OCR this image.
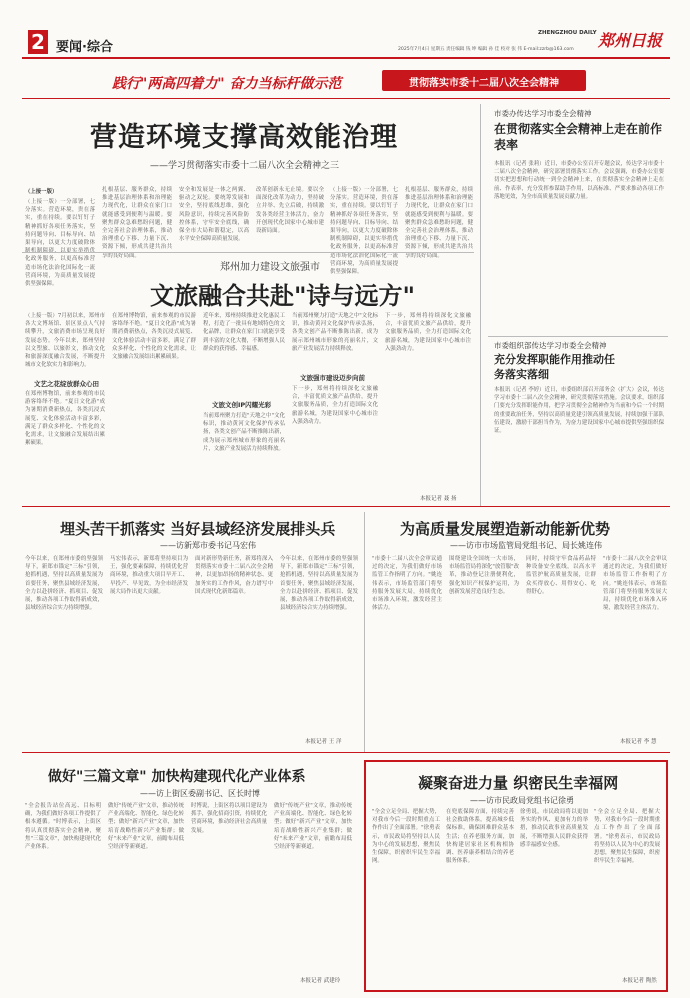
2 要闻·综合
ZHENGZHOU DAILY 郑州日报
2025年7月4日 星期五 责任编辑 钱 坤 编辑 孙 佳 校对 张 伟 E-mail:zzrb@163.com
践行"两高四着力" 奋力当标杆做示范	贯彻落实市委十二届八次全会精神
营造环境支撑高效能治理
——学习贯彻落实市委十二届八次全会精神之三
（上接一版）
（上接一版）一分部署，七分落实。营造环境，贵在落实，重在持续。要以钉钉子精神抓好各项任务落实，坚持问题导向、目标导向、结果导向，以更大力度破除体 化政务服务，以更高标准营造市场化法治化国际化一流营商环境，为高质量发展提供坚强保障。
扎根基层、服务群众，持续推进基层治理体系和治理能力现代化，让群众在家门口就能感受到便利与温暖。要聚焦群众急难愁盼问题，健全完善社会治理体系，推动治理重心下移、力量下沉、资源下倾，形成共建共治共享的良好局面。
安全和发展是一体之两翼、驱动之双轮。要统筹发展和安全，坚持底线思维，强化风险意识，持续完善风险防控体系，守牢安全底线，确保全市大局和谐稳定，以高水平安全保障高质量发展。
改革创新永无止境。要以全面深化改革为动力，坚持破立并举、先立后破，持续激发各类经营主体活力，奋力开创现代化国家中心城市建设新局面。
（上接一版）一分部署，七分落实。营造环境，贵在落实，重在持续。要以钉钉子精神抓好各项任务落实，坚持问题导向、目标导向、结果导向，以更大力度破除体制机制障碍，以更实举措优化政务服务，以更高标准营造市场化法治化国际化一流营商环境，为高质量发展提供坚强保障。
扎根基层、服务群众，持续推进基层治理体系和治理能力现代化，让群众在家门口就能感受到便利与温暖。要聚焦群众急难愁盼问题，健全完善社会治理体系，推动治理重心下移、力量下沉、资源下倾，形成共建共治共享的良好局面。
郑州加力建设文旅强市
文旅融合共赴"诗与远方"
（上接一版）7月初以来，郑州市各大文博场馆、景区景点人气持续攀升，文旅消费市场呈现良好发展态势。今年以来，郑州坚持以文塑旅、以旅彰文，推动文化和旅游深度融合发展，不断提升城市文化软实力和影响力。
文艺之花绽放群众心田
在郑州博物馆，前来参观的市民游客络绎不绝。"夏日文化游"成为暑期消费新热点，各类沉浸式展览、文化体验活动丰富多彩，满足了群众多样化、个性化的文化需求，让文旅融合发展结出累累硕果。
在郑州博物馆，前来参观的市民游客络绎不绝。"夏日文化游"成为暑期消费新热点，各类沉浸式展览、文化体验活动丰富多彩，满足了群众多样化、个性化的文化需求，让文旅融合发展结出累累硕果。
近年来，郑州持续推进文化惠民工程，打造了一批具有地域特色的文化品牌，让群众在家门口就能享受到丰富的文化大餐，不断增强人民群众的获得感、幸福感。
文旅文创IP闪耀光彩
当前郑州聚力打造"天地之中"文化标识，推动黄河文化保护传承弘扬，各类文创产品不断推陈出新，成为展示郑州城市形象的亮丽名片，文旅产业发展活力持续释放。
当前郑州聚力打造"天地之中"文化标识，推动黄河文化保护传承弘扬，各类文创产品不断推陈出新，成为展示郑州城市形象的亮丽名片，文旅产业发展活力持续释放。
文旅强市建设迈步向前
下一步，郑州将持续深化文旅融合，丰富优质文旅产品供给，提升文旅服务品质，全力打造国际文化旅游名城，为建设国家中心城市注入强劲动力。
下一步，郑州将持续深化文旅融合，丰富优质文旅产品供给，提升文旅服务品质，全力打造国际文化旅游名城，为建设国家中心城市注入强劲动力。
本报记者 聂 扬
市委办传达学习市委全会精神
在贯彻落实全会精神上走在前作表率
本报讯（记者 张莉）近日，市委办公室召开专题会议，传达学习市委十二届八次全会精神，研究部署贯彻落实工作。会议强调，市委办公室要切实把思想和行动统一到全会精神上来，在贯彻落实全会精神上走在前、作表率，充分发挥参谋助手作用，以高标准、严要求推动各项工作落地见效，为全市高质量发展贡献力量。
市委组织部传达学习市委全会精神
充分发挥职能作用推动任务落实落细
本报讯（记者 李婷）近日，市委组织部召开部务会（扩大）会议，传达学习市委十二届八次全会精神，研究贯彻落实措施。会议要求，组织部门要充分发挥职能作用，把学习贯彻全会精神作为当前和今后一个时期的重要政治任务，坚持以高质量党建引领高质量发展，持续加强干部队伍建设，激励干部担当作为，为奋力建设国家中心城市提供坚强组织保证。
埋头苦干抓落实 当好县域经济发展排头兵
——访新郑市委书记马宏伟
今年以来，在郑州市委的坚强领导下，新郑市锚定"三标"引领，抢抓机遇，坚持以高质量发展为首要任务，聚焦县域经济发展，全力以赴拼经济、抓项目、促发展，推动各项工作取得新成效，县域经济综合实力持续增强。
马宏伟表示，新郑将坚持项目为王，强化要素保障，持续优化营商环境，推动重大项目早开工、早投产、早见效，为全市经济发展大局作出更大贡献。
面对新形势新任务，新郑将深入贯彻落实市委十二届八次全会精神，以更加昂扬的精神状态、更加务实的工作作风，奋力谱写中国式现代化新郑篇章。
今年以来，在郑州市委的坚强领导下，新郑市锚定"三标"引领，抢抓机遇，坚持以高质量发展为首要任务，聚焦县域经济发展，全力以赴拼经济、抓项目、促发展，推动各项工作取得新成效，县域经济综合实力持续增强。
本报记者 王 洋
为高质量发展塑造新动能新优势
——访市市场监管局党组书记、局长姚连伟
"市委十二届八次全会审议通过的决定，为我们做好市场监管工作指明了方向。"姚连伟表示，市场监管部门将坚持服务发展大局，持续优化市场准入环境，激发经营主体活力。
围绕建设全国统一大市场，市场监管局将深化"放管服"改革，推动登记注册便利化，强化知识产权保护运用，为创新发展营造良好生态。
同时，持续守牢食品药品特种设备安全底线，以高水平监管护航高质量发展，让群众买得放心、用得安心、吃得舒心。
"市委十二届八次全会审议通过的决定，为我们做好市场监管工作指明了方向。"姚连伟表示，市场监管部门将坚持服务发展大局，持续优化市场准入环境，激发经营主体活力。
本报记者 李 慧
做好"三篇文章" 加快构建现代化产业体系
——访上街区委副书记、区长时博
"全会报告站位高远、目标明确，为我们做好各项工作提供了根本遵循。"时博表示，上街区将认真贯彻落实全会精神，聚焦"三篇文章"，加快构建现代化产业体系。
做好"传统产业"文章，推动传统产业高端化、智能化、绿色化转型；做好"新兴产业"文章，加快培育战略性新兴产业集群；做好"未来产业"文章，前瞻布局低空经济等新赛道。
时博说，上街区将以项目建设为抓手，强化招商引资，持续优化营商环境，推动经济社会高质量发展。
做好"传统产业"文章，推动传统产业高端化、智能化、绿色化转型；做好"新兴产业"文章，加快培育战略性新兴产业集群；做好"未来产业"文章，前瞻布局低空经济等新赛道。
本报记者 武建玲
凝聚奋进力量 织密民生幸福网
——访市民政局党组书记徐勇
"全会立足全局、把握大势，对我市今后一段时期重点工作作出了全面部署。"徐勇表示，市民政局将坚持以人民为中心的发展思想，聚焦民生保障，织密织牢民生幸福网。
在兜底保障方面，持续完善社会救助体系，提高城乡低保标准，确保困难群众基本生活；在养老服务方面，加快构建居家社区机构相协调、医养康养相结合的养老服务体系。
徐勇说，市民政局将以更加务实的作风、更加有力的举措，推动民政事业高质量发展，不断增强人民群众获得感幸福感安全感。
"全会立足全局、把握大势，对我市今后一段时期重点工作作出了全面部署。"徐勇表示，市民政局将坚持以人民为中心的发展思想，聚焦民生保障，织密织牢民生幸福网。
本报记者 陶然
